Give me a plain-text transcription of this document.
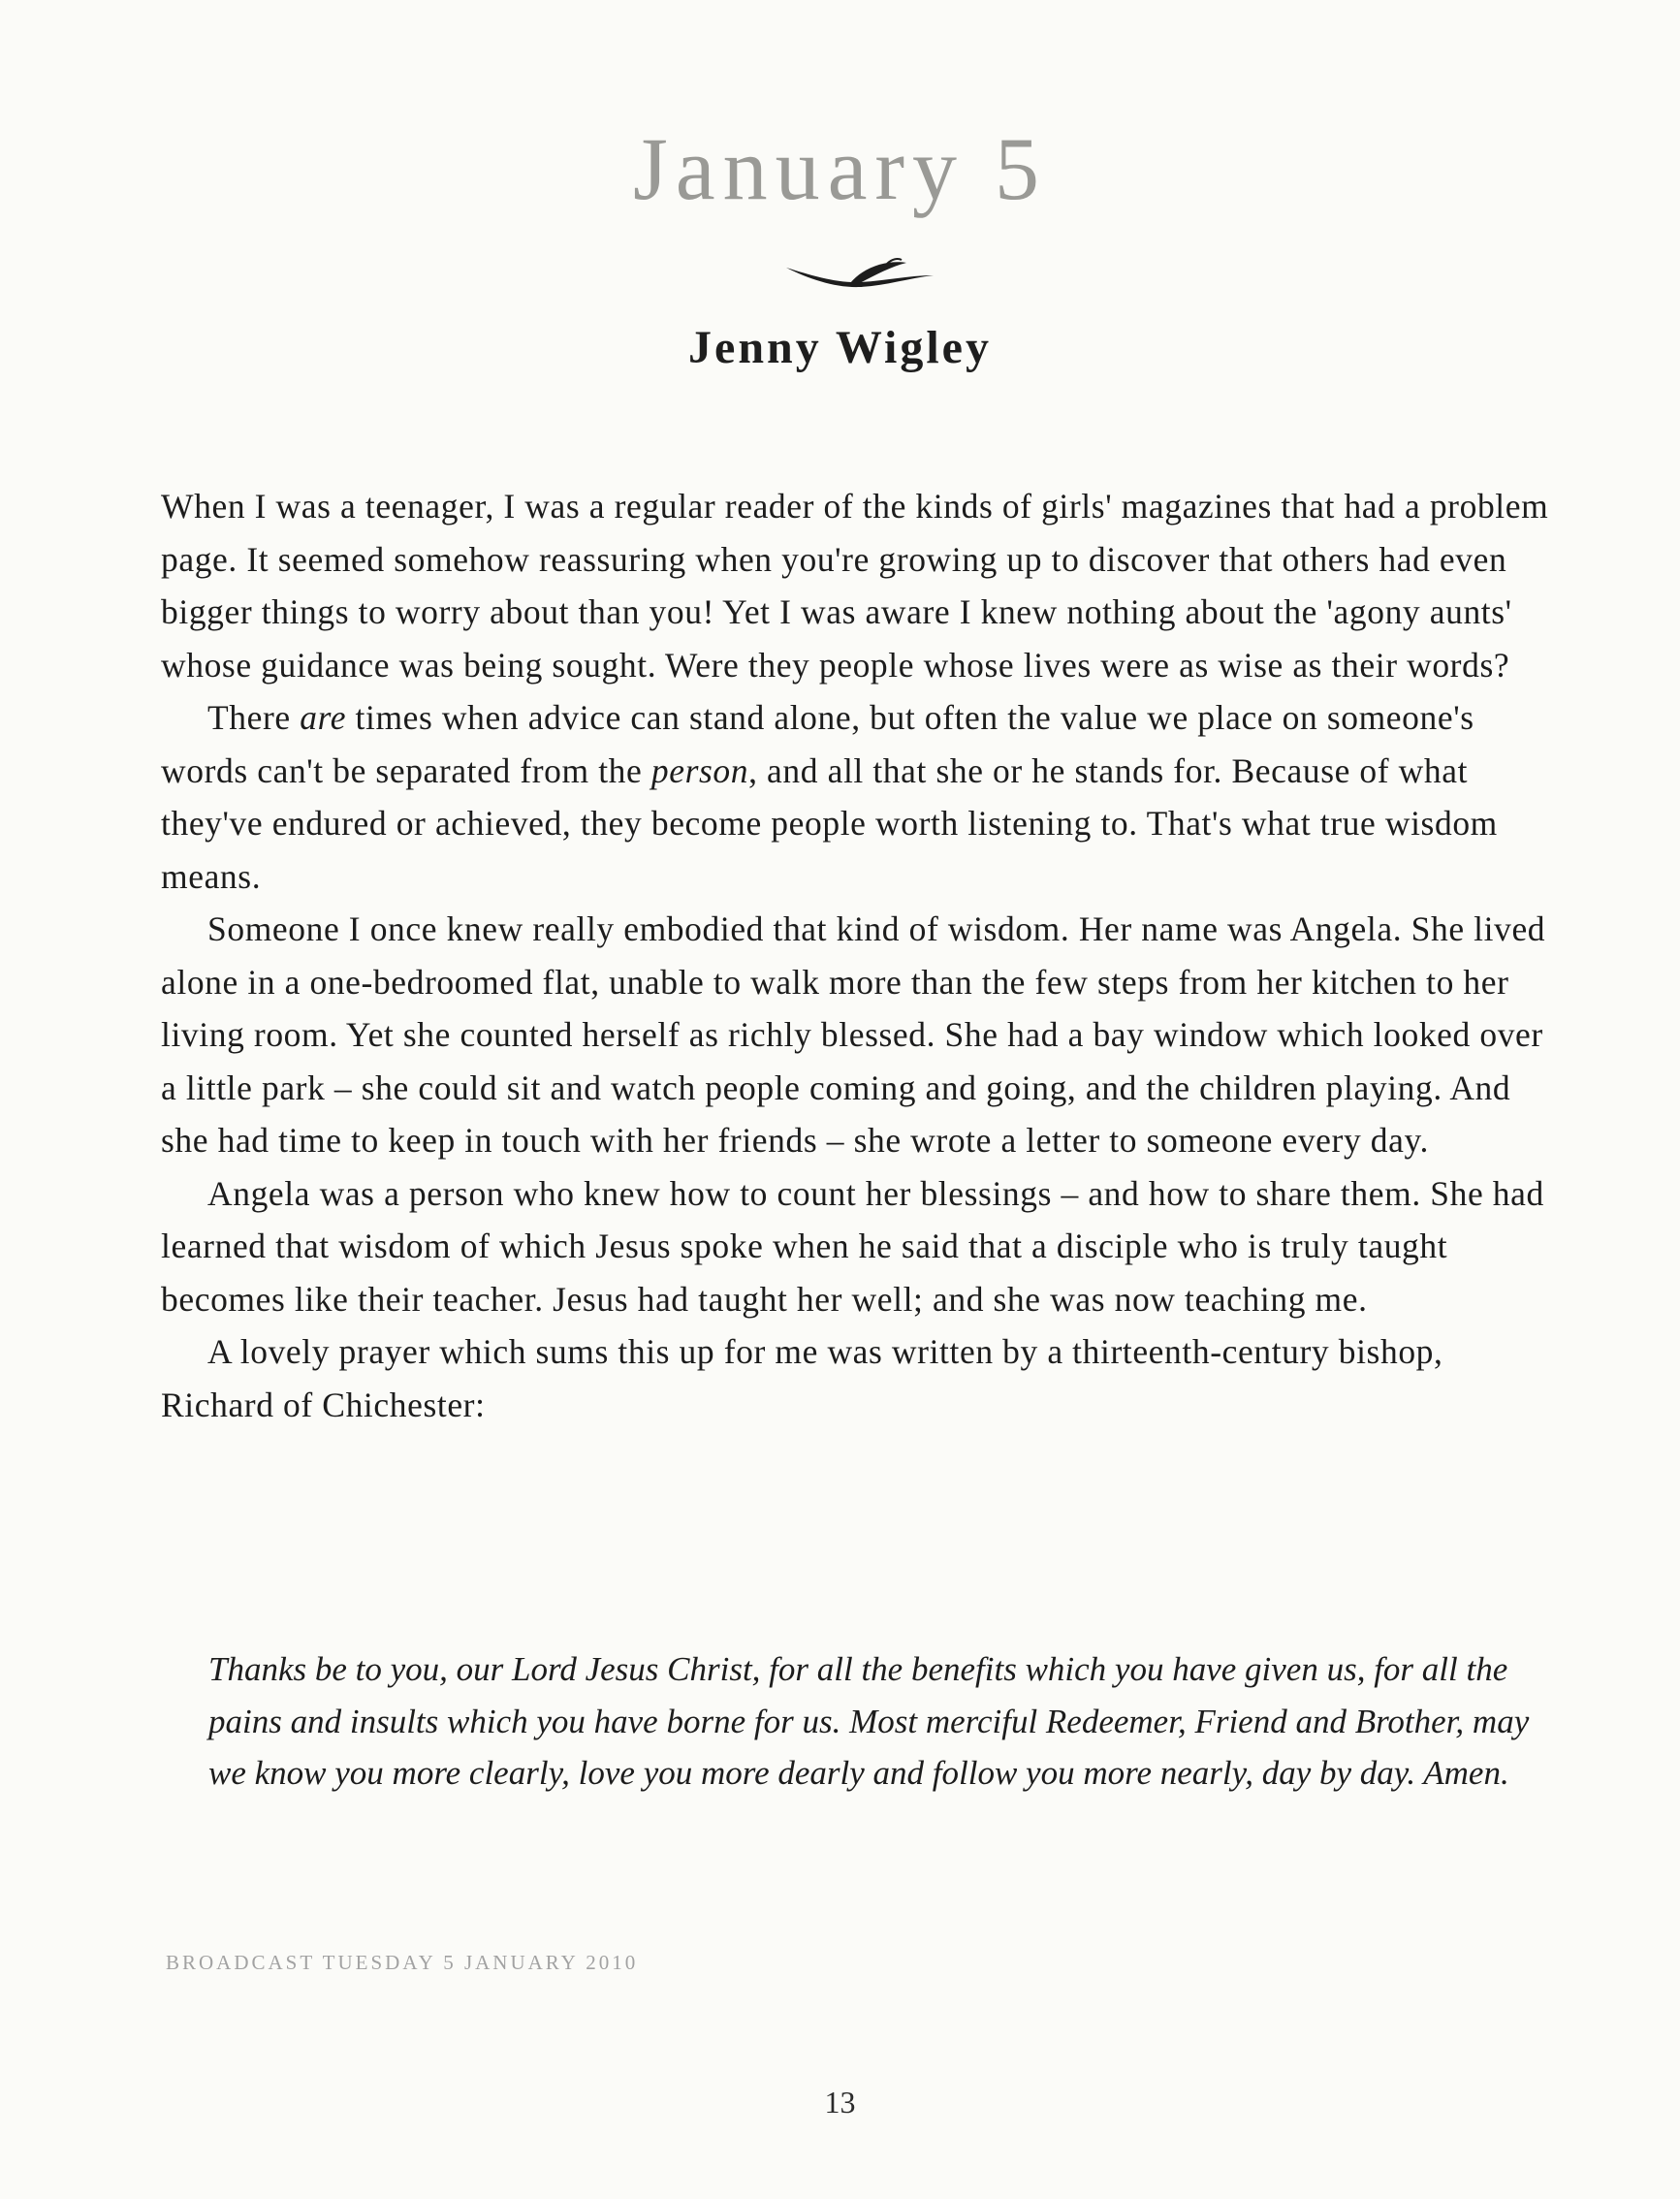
January 5
Jenny Wigley

When I was a teenager, I was a regular reader of the kinds of girls' magazines that had a problem page. It seemed somehow reassuring when you're growing up to discover that others had even bigger things to worry about than you! Yet I was aware I knew nothing about the 'agony aunts' whose guidance was being sought. Were they people whose lives were as wise as their words?

There are times when advice can stand alone, but often the value we place on someone's words can't be separated from the person, and all that she or he stands for. Because of what they've endured or achieved, they become people worth listening to. That's what true wisdom means.

Someone I once knew really embodied that kind of wisdom. Her name was Angela. She lived alone in a one-bedroomed flat, unable to walk more than the few steps from her kitchen to her living room. Yet she counted herself as richly blessed. She had a bay window which looked over a little park – she could sit and watch people coming and going, and the children playing. And she had time to keep in touch with her friends – she wrote a letter to someone every day.

Angela was a person who knew how to count her blessings – and how to share them. She had learned that wisdom of which Jesus spoke when he said that a disciple who is truly taught becomes like their teacher. Jesus had taught her well; and she was now teaching me.

A lovely prayer which sums this up for me was written by a thirteenth-century bishop, Richard of Chichester:

Thanks be to you, our Lord Jesus Christ, for all the benefits which you have given us, for all the pains and insults which you have borne for us. Most merciful Redeemer, Friend and Brother, may we know you more clearly, love you more dearly and follow you more nearly, day by day. Amen.

BROADCAST TUESDAY 5 JANUARY 2010

13
